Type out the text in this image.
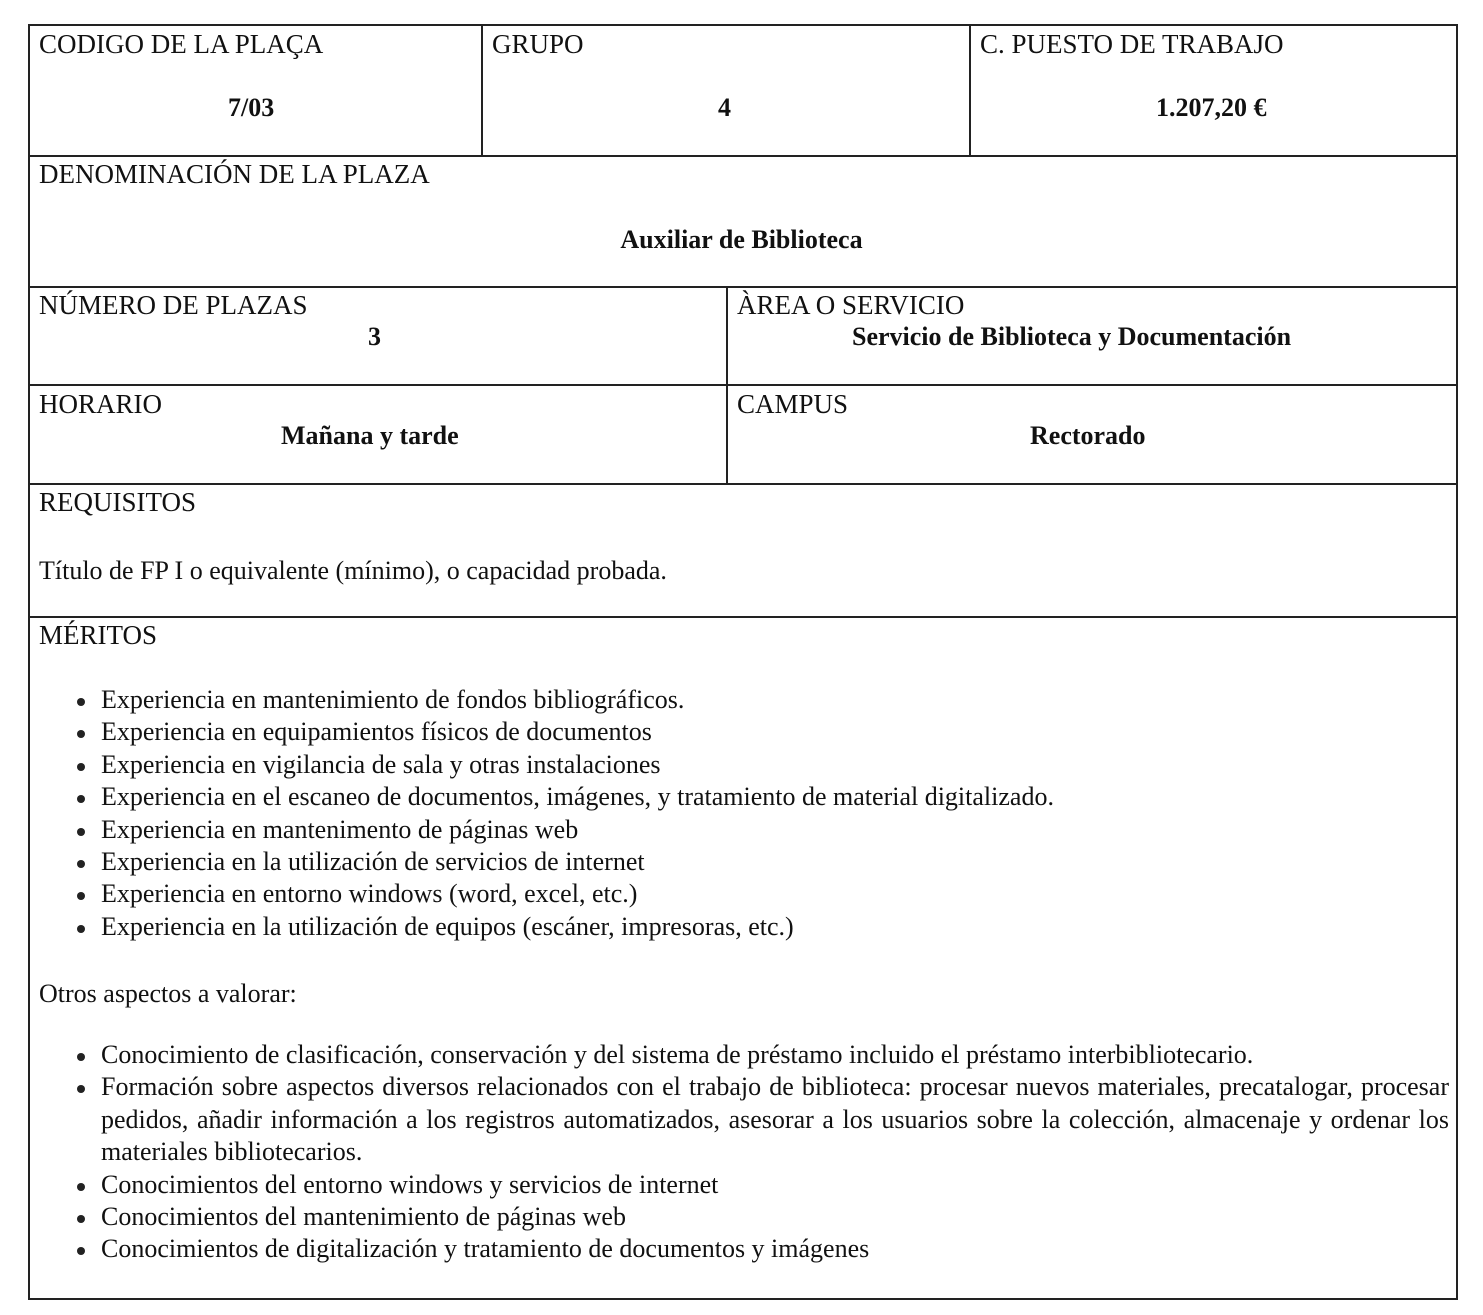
CODIGO DE LA PLAÇA
7/03
GRUPO
4
C. PUESTO DE TRABAJO
1.207,20 €
DENOMINACIÓN DE LA PLAZA
Auxiliar de Biblioteca
NÚMERO DE PLAZAS
3
ÀREA O SERVICIO
Servicio de Biblioteca y Documentación
HORARIO
Mañana y tarde
CAMPUS
Rectorado
REQUISITOS
Título de FP I o equivalente (mínimo), o capacidad probada.
MÉRITOS
Experiencia en mantenimiento de fondos bibliográficos.
Experiencia en equipamientos físicos de documentos
Experiencia en vigilancia de sala y otras instalaciones
Experiencia en el escaneo de documentos, imágenes, y tratamiento de material digitalizado.
Experiencia en mantenimento de páginas web
Experiencia en la utilización de servicios de internet
Experiencia en entorno windows (word, excel, etc.)
Experiencia en la utilización de equipos (escáner, impresoras, etc.)
Otros aspectos a valorar:
Conocimiento de clasificación, conservación y del sistema de préstamo incluido el préstamo interbibliotecario.
Formación sobre aspectos diversos relacionados con el trabajo de biblioteca: procesar nuevos materiales, precatalogar, procesar pedidos, añadir información a los registros automatizados, asesorar a los usuarios sobre la colección, almacenaje y ordenar los materiales bibliotecarios.
Conocimientos del entorno windows y servicios de internet
Conocimientos del mantenimiento de páginas web
Conocimientos de digitalización y tratamiento de documentos y imágenes
